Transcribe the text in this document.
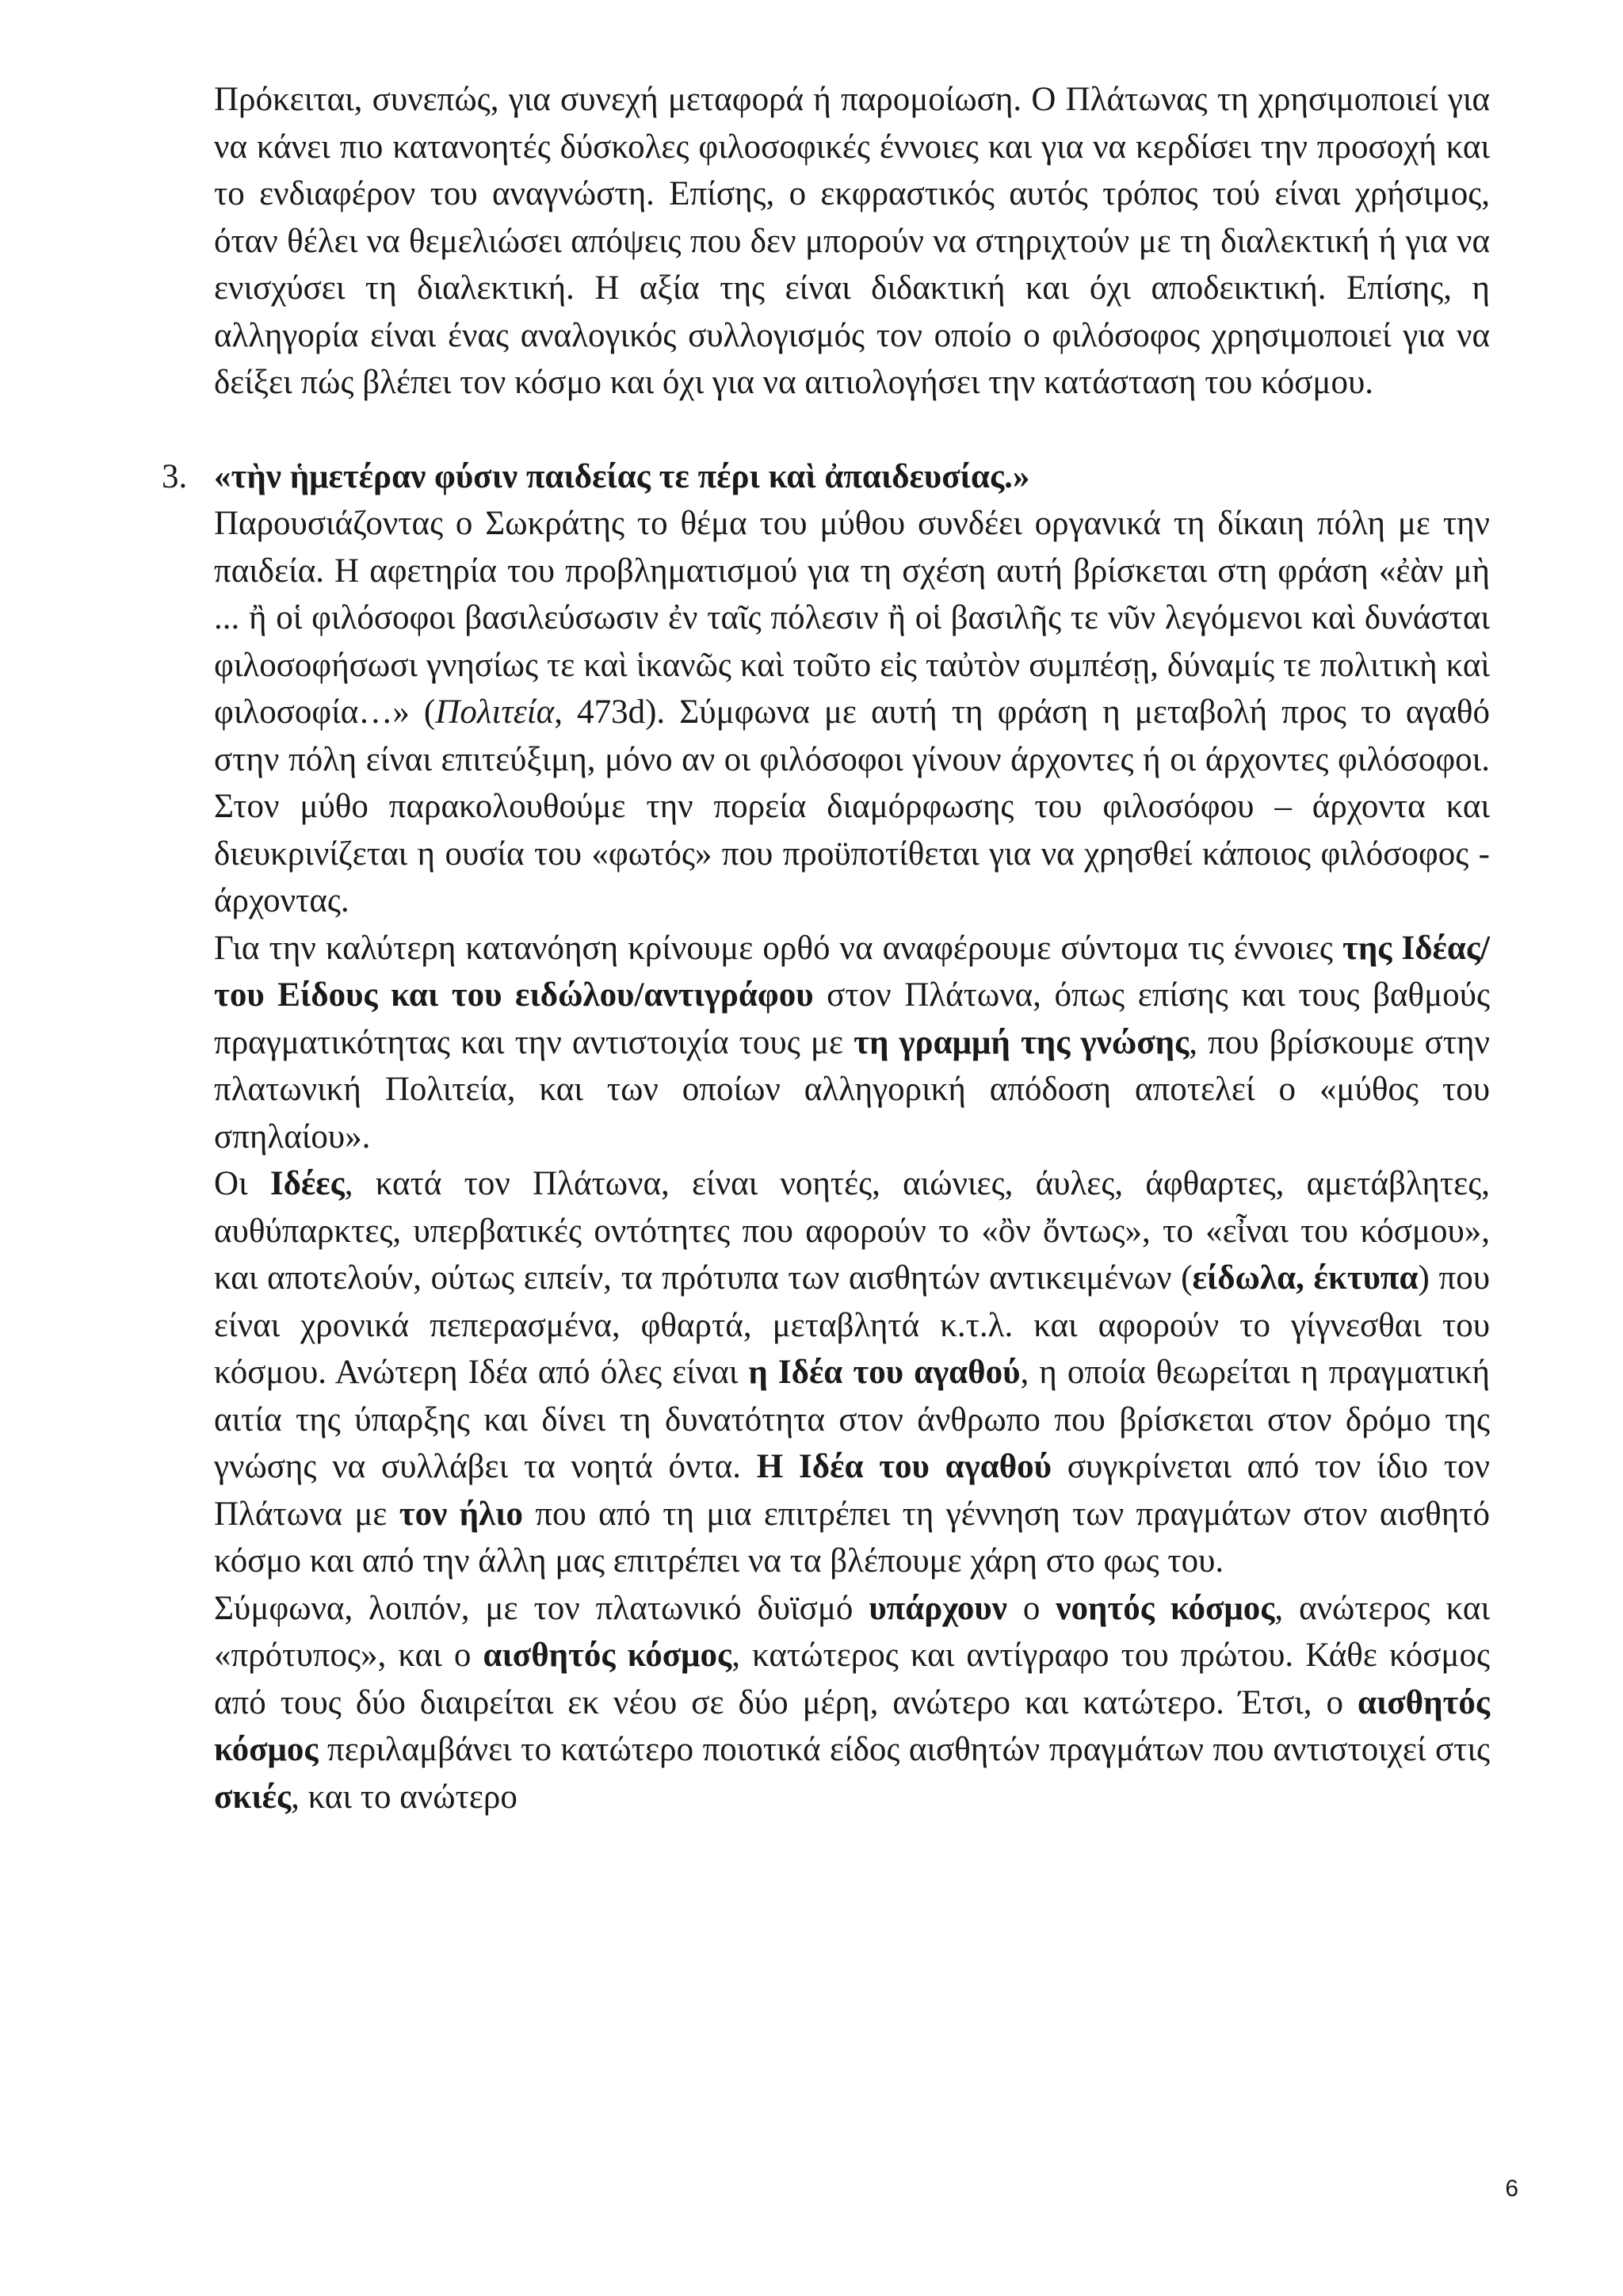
Πρόκειται, συνεπώς, για συνεχή μεταφορά ή παρομοίωση. Ο Πλάτωνας τη χρησιμοποιεί για να κάνει πιο κατανοητές δύσκολες φιλοσοφικές έννοιες και για να κερδίσει την προσοχή και το ενδιαφέρον του αναγνώστη. Επίσης, ο εκφραστικός αυτός τρόπος τού είναι χρήσιμος, όταν θέλει να θεμελιώσει απόψεις που δεν μπορούν να στηριχτούν με τη διαλεκτική ή για να ενισχύσει τη διαλεκτική. Η αξία της είναι διδακτική και όχι αποδεικτική. Επίσης, η αλληγορία είναι ένας αναλογικός συλλογισμός τον οποίο ο φιλόσοφος χρησιμοποιεί για να δείξει πώς βλέπει τον κόσμο και όχι για να αιτιολογήσει την κατάσταση του κόσμου.

3. «τὴν ἡμετέραν φύσιν παιδείας τε πέρι καὶ ἀπαιδευσίας.»

Παρουσιάζοντας ο Σωκράτης το θέμα του μύθου συνδέει οργανικά τη δίκαιη πόλη με την παιδεία. Η αφετηρία του προβληματισμού για τη σχέση αυτή βρίσκεται στη φράση «ἐὰν μὴ ... ἢ οἱ φιλόσοφοι βασιλεύσωσιν ἐν ταῖς πόλεσιν ἢ οἱ βασιλῆς τε νῦν λεγόμενοι καὶ δυνάσται φιλοσοφήσωσι γνησίως τε καὶ ἱκανῶς καὶ τοῦτο εἰς ταὐτὸν συμπέσῃ, δύναμίς τε πολιτικὴ καὶ φιλοσοφία…» (Πολιτεία, 473d). Σύμφωνα με αυτή τη φράση η μεταβολή προς το αγαθό στην πόλη είναι επιτεύξιμη, μόνο αν οι φιλόσοφοι γίνουν άρχοντες ή οι άρχοντες φιλόσοφοι. Στον μύθο παρακολουθούμε την πορεία διαμόρφωσης του φιλοσόφου – άρχοντα και διευκρινίζεται η ουσία του «φωτός» που προϋποτίθεται για να χρησθεί κάποιος φιλόσοφος - άρχοντας.

Για την καλύτερη κατανόηση κρίνουμε ορθό να αναφέρουμε σύντομα τις έννοιες της Ιδέας/του Είδους και του ειδώλου/αντιγράφου στον Πλάτωνα, όπως επίσης και τους βαθμούς πραγματικότητας και την αντιστοιχία τους με τη γραμμή της γνώσης, που βρίσκουμε στην πλατωνική Πολιτεία, και των οποίων αλληγορική απόδοση αποτελεί ο «μύθος του σπηλαίου».

Οι Ιδέες, κατά τον Πλάτωνα, είναι νοητές, αιώνιες, άυλες, άφθαρτες, αμετάβλητες, αυθύπαρκτες, υπερβατικές οντότητες που αφορούν το «ὂν ὄντως», το «εἶναι του κόσμου», και αποτελούν, ούτως ειπείν, τα πρότυπα των αισθητών αντικειμένων (είδωλα, έκτυπα) που είναι χρονικά πεπερασμένα, φθαρτά, μεταβλητά κ.τ.λ. και αφορούν το γίγνεσθαι του κόσμου. Ανώτερη Ιδέα από όλες είναι η Ιδέα του αγαθού, η οποία θεωρείται η πραγματική αιτία της ύπαρξης και δίνει τη δυνατότητα στον άνθρωπο που βρίσκεται στον δρόμο της γνώσης να συλλάβει τα νοητά όντα. Η Ιδέα του αγαθού συγκρίνεται από τον ίδιο τον Πλάτωνα με τον ήλιο που από τη μια επιτρέπει τη γέννηση των πραγμάτων στον αισθητό κόσμο και από την άλλη μας επιτρέπει να τα βλέπουμε χάρη στο φως του.

Σύμφωνα, λοιπόν, με τον πλατωνικό δυϊσμό υπάρχουν ο νοητός κόσμος, ανώτερος και «πρότυπος», και ο αισθητός κόσμος, κατώτερος και αντίγραφο του πρώτου. Κάθε κόσμος από τους δύο διαιρείται εκ νέου σε δύο μέρη, ανώτερο και κατώτερο. Έτσι, ο αισθητός κόσμος περιλαμβάνει το κατώτερο ποιοτικά είδος αισθητών πραγμάτων που αντιστοιχεί στις σκιές, και το ανώτερο

6
